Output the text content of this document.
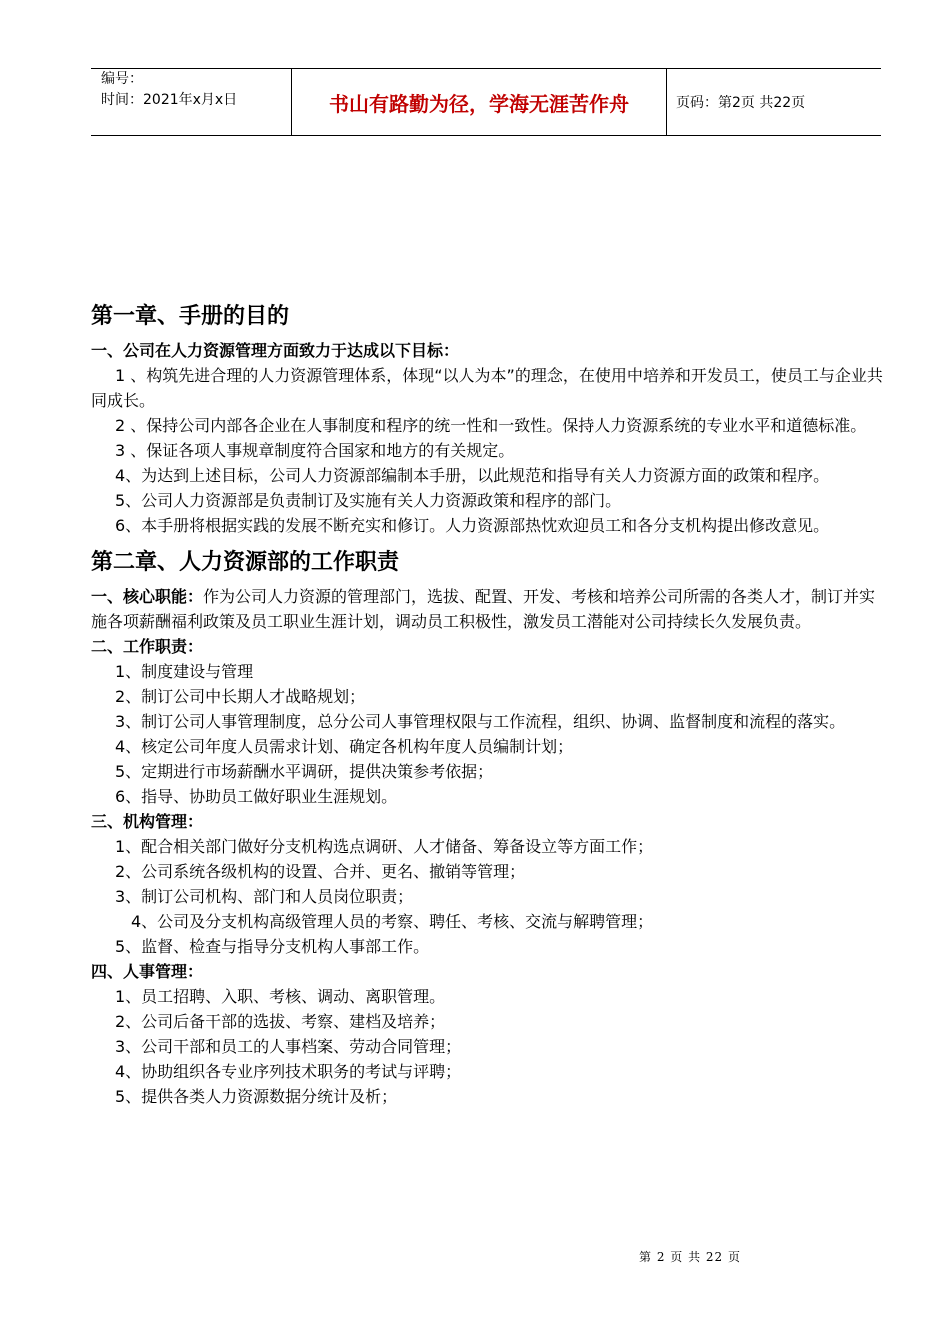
编号：
时间：2021年x月x日	书山有路勤为径，学海无涯苦作舟	页码：第2页 共22页

第一章、手册的目的

一、公司在人力资源管理方面致力于达成以下目标：

1 、构筑先进合理的人力资源管理体系，体现“以人为本”的理念，在使用中培养和开发员工，使员工与企业共同成长。

2 、保持公司内部各企业在人事制度和程序的统一性和一致性。保持人力资源系统的专业水平和道德标准。

3 、保证各项人事规章制度符合国家和地方的有关规定。

4、为达到上述目标，公司人力资源部编制本手册，以此规范和指导有关人力资源方面的政策和程序。

5、公司人力资源部是负责制订及实施有关人力资源政策和程序的部门。

6、本手册将根据实践的发展不断充实和修订。人力资源部热忱欢迎员工和各分支机构提出修改意见。

第二章、人力资源部的工作职责

一、核心职能：作为公司人力资源的管理部门，选拔、配置、开发、考核和培养公司所需的各类人才，制订并实施各项薪酬福利政策及员工职业生涯计划，调动员工积极性，激发员工潜能对公司持续长久发展负责。

二、工作职责：

1、制度建设与管理

2、制订公司中长期人才战略规划；

3、制订公司人事管理制度，总分公司人事管理权限与工作流程，组织、协调、监督制度和流程的落实。

4、核定公司年度人员需求计划、确定各机构年度人员编制计划；

5、定期进行市场薪酬水平调研，提供决策参考依据；

6、指导、协助员工做好职业生涯规划。

三、机构管理：

1、配合相关部门做好分支机构选点调研、人才储备、筹备设立等方面工作；

2、公司系统各级机构的设置、合并、更名、撤销等管理；

3、制订公司机构、部门和人员岗位职责；

4、公司及分支机构高级管理人员的考察、聘任、考核、交流与解聘管理；

5、监督、检查与指导分支机构人事部工作。

四、人事管理：

1、员工招聘、入职、考核、调动、离职管理。

2、公司后备干部的选拔、考察、建档及培养；

3、公司干部和员工的人事档案、劳动合同管理；

4、协助组织各专业序列技术职务的考试与评聘；

5、提供各类人力资源数据分统计及析；

第 2 页 共 22 页
